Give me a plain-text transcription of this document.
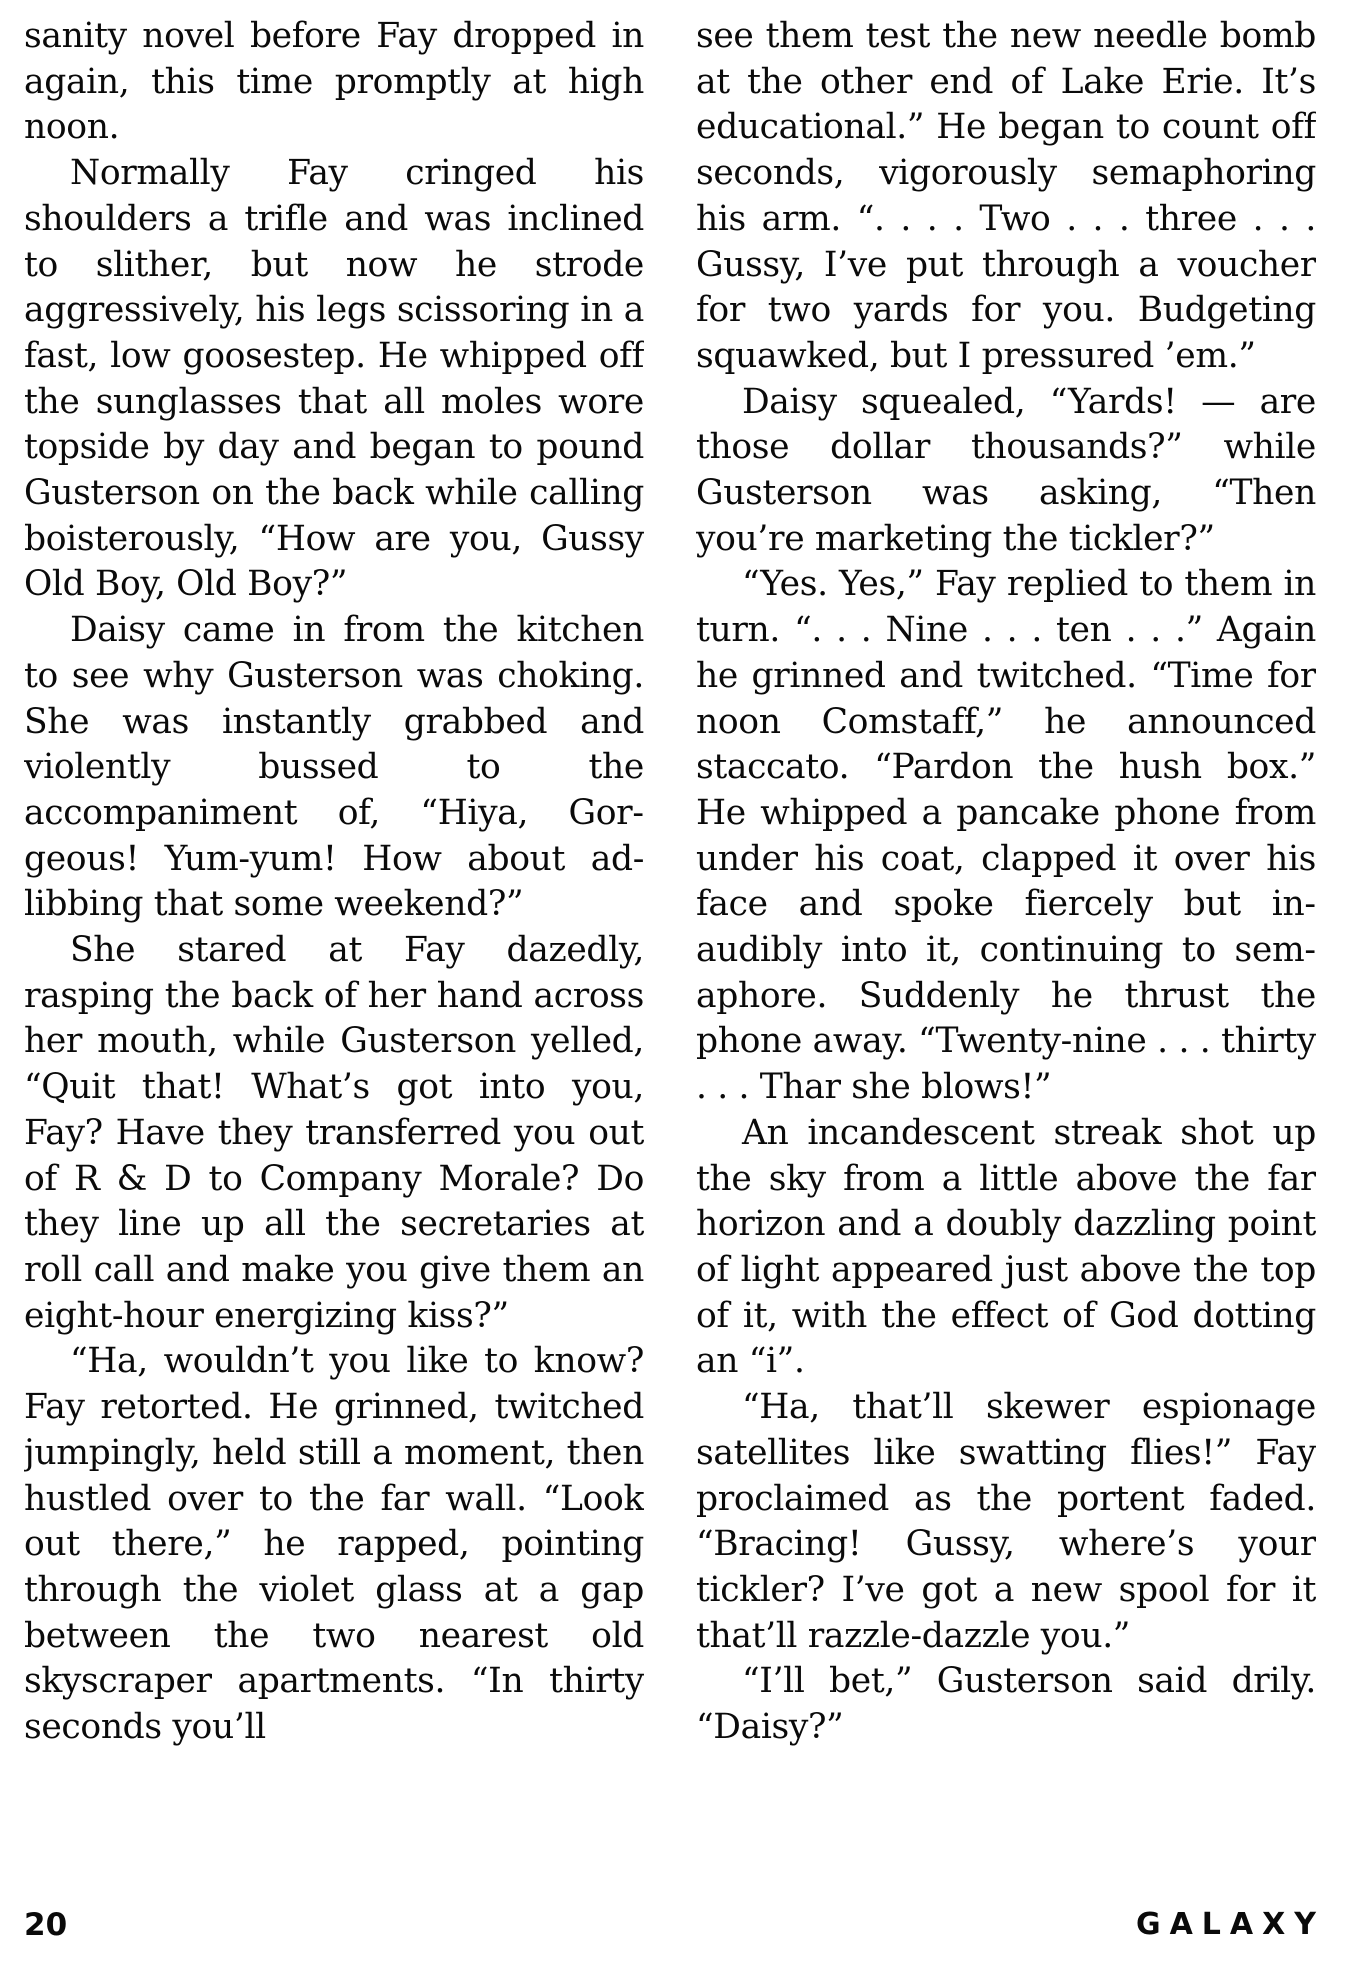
sanity novel before Fay dropped in again, this time promptly at high noon.

Normally Fay cringed his shoulders a trifle and was inclined to slither, but now he strode aggressively, his legs scissoring in a fast, low goosestep. He whipped off the sunglasses that all moles wore topside by day and began to pound Gusterson on the back while calling boisterously, “How are you, Gussy Old Boy, Old Boy?”

Daisy came in from the kitchen to see why Gusterson was choking. She was instantly grabbed and violently bussed to the accompaniment of, “Hiya, Gorgeous! Yum-yum! How about ad-libbing that some weekend?”

She stared at Fay dazedly, rasping the back of her hand across her mouth, while Gusterson yelled, “Quit that! What’s got into you, Fay? Have they transferred you out of R & D to Company Morale? Do they line up all the secretaries at roll call and make you give them an eight-hour energizing kiss?”

“Ha, wouldn’t you like to know? Fay retorted. He grinned, twitched jumpingly, held still a moment, then hustled over to the far wall. “Look out there,” he rapped, pointing through the violet glass at a gap between the two nearest old skyscraper apartments. “In thirty seconds you’ll

see them test the new needle bomb at the other end of Lake Erie. It’s educational.” He began to count off seconds, vigorously semaphoring his arm. “. . . . Two . . . three . . . Gussy, I’ve put through a voucher for two yards for you. Budgeting squawked, but I pressured ’em.”

Daisy squealed, “Yards! — are those dollar thousands?” while Gusterson was asking, “Then you’re marketing the tickler?”

“Yes. Yes,” Fay replied to them in turn. “. . . Nine . . . ten . . .” Again he grinned and twitched. “Time for noon Comstaff,” he announced staccato. “Pardon the hush box.” He whipped a pancake phone from under his coat, clapped it over his face and spoke fiercely but inaudibly into it, continuing to semaphore. Suddenly he thrust the phone away. “Twenty-nine . . . thirty . . . Thar she blows!”

An incandescent streak shot up the sky from a little above the far horizon and a doubly dazzling point of light appeared just above the top of it, with the effect of God dotting an “i”.

“Ha, that’ll skewer espionage satellites like swatting flies!” Fay proclaimed as the portent faded. “Bracing! Gussy, where’s your tickler? I’ve got a new spool for it that’ll razzle-dazzle you.”

“I’ll bet,” Gusterson said drily. “Daisy?”

20	GALAXY
